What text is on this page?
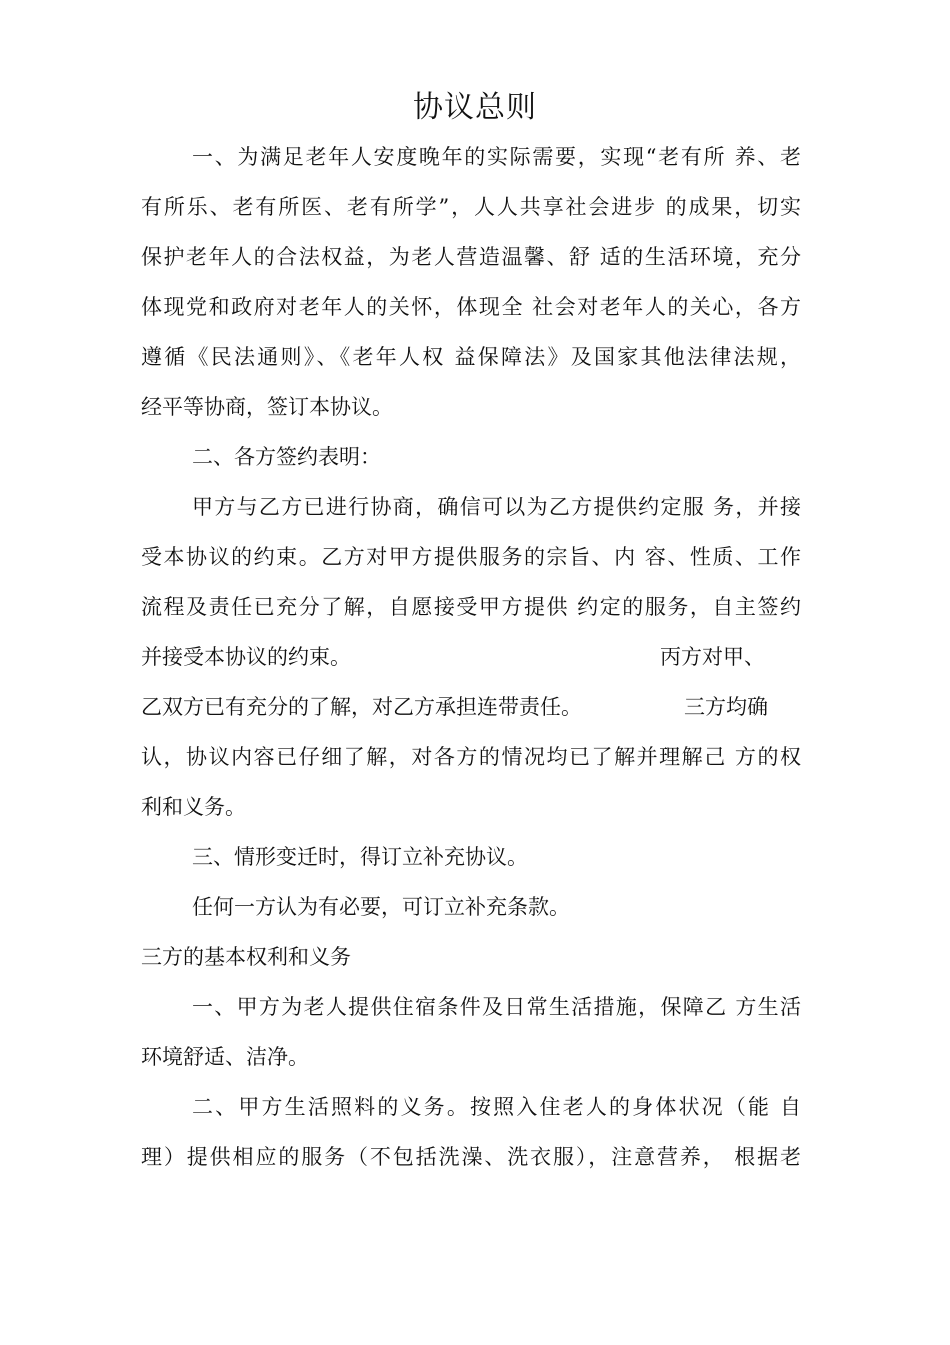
协议总则
一、为满足老年人安度晚年的实际需要，实现“老有所 养、老
有所乐、老有所医、老有所学”，人人共享社会进步 的成果，切实
保护老年人的合法权益，为老人营造温馨、舒 适的生活环境，充分
体现党和政府对老年人的关怀，体现全 社会对老年人的关心，各方
遵循《民法通则》、《老年人权 益保障法》及国家其他法律法规，
经平等协商，签订本协议。
二、各方签约表明：
甲方与乙方已进行协商，确信可以为乙方提供约定服 务，并接
受本协议的约束。乙方对甲方提供服务的宗旨、内 容、性质、工作
流程及责任已充分了解，自愿接受甲方提供 约定的服务，自主签约
并接受本协议的约束。	丙方对甲、
乙双方已有充分的了解，对乙方承担连带责任。	三方均确
认，协议内容已仔细了解，对各方的情况均已了解并理解己 方的权
利和义务。
三、情形变迁时，得订立补充协议。
任何一方认为有必要，可订立补充条款。
三方的基本权利和义务
一、甲方为老人提供住宿条件及日常生活措施，保障乙 方生活
环境舒适、洁净。
二、甲方生活照料的义务。按照入住老人的身体状况（能 自
理）提供相应的服务（不包括洗澡、洗衣服），注意营养， 根据老
